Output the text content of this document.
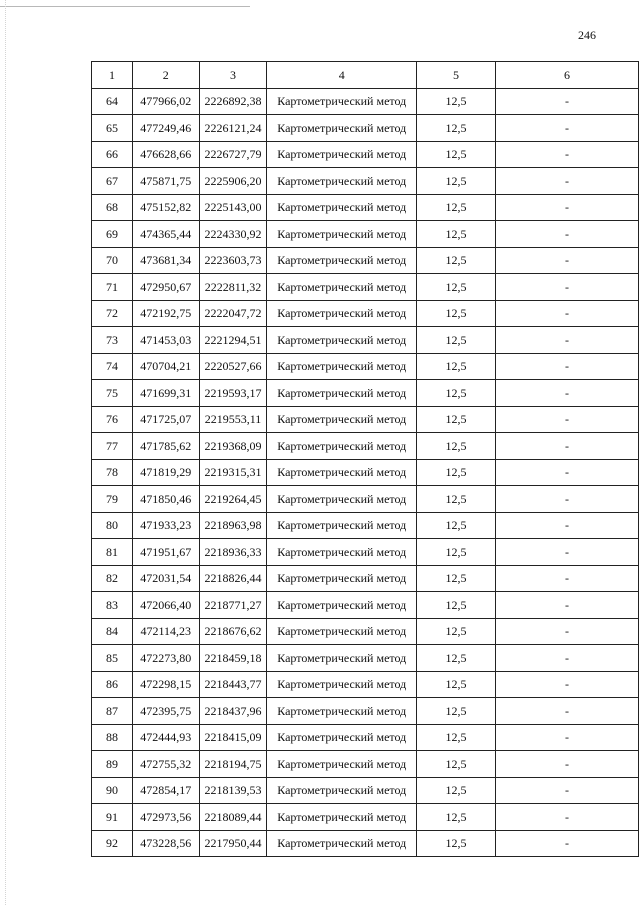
246
1	2	3	4	5	6
64	477966,02	2226892,38	Картометрический метод	12,5	-
65	477249,46	2226121,24	Картометрический метод	12,5	-
66	476628,66	2226727,79	Картометрический метод	12,5	-
67	475871,75	2225906,20	Картометрический метод	12,5	-
68	475152,82	2225143,00	Картометрический метод	12,5	-
69	474365,44	2224330,92	Картометрический метод	12,5	-
70	473681,34	2223603,73	Картометрический метод	12,5	-
71	472950,67	2222811,32	Картометрический метод	12,5	-
72	472192,75	2222047,72	Картометрический метод	12,5	-
73	471453,03	2221294,51	Картометрический метод	12,5	-
74	470704,21	2220527,66	Картометрический метод	12,5	-
75	471699,31	2219593,17	Картометрический метод	12,5	-
76	471725,07	2219553,11	Картометрический метод	12,5	-
77	471785,62	2219368,09	Картометрический метод	12,5	-
78	471819,29	2219315,31	Картометрический метод	12,5	-
79	471850,46	2219264,45	Картометрический метод	12,5	-
80	471933,23	2218963,98	Картометрический метод	12,5	-
81	471951,67	2218936,33	Картометрический метод	12,5	-
82	472031,54	2218826,44	Картометрический метод	12,5	-
83	472066,40	2218771,27	Картометрический метод	12,5	-
84	472114,23	2218676,62	Картометрический метод	12,5	-
85	472273,80	2218459,18	Картометрический метод	12,5	-
86	472298,15	2218443,77	Картометрический метод	12,5	-
87	472395,75	2218437,96	Картометрический метод	12,5	-
88	472444,93	2218415,09	Картометрический метод	12,5	-
89	472755,32	2218194,75	Картометрический метод	12,5	-
90	472854,17	2218139,53	Картометрический метод	12,5	-
91	472973,56	2218089,44	Картометрический метод	12,5	-
92	473228,56	2217950,44	Картометрический метод	12,5	-
